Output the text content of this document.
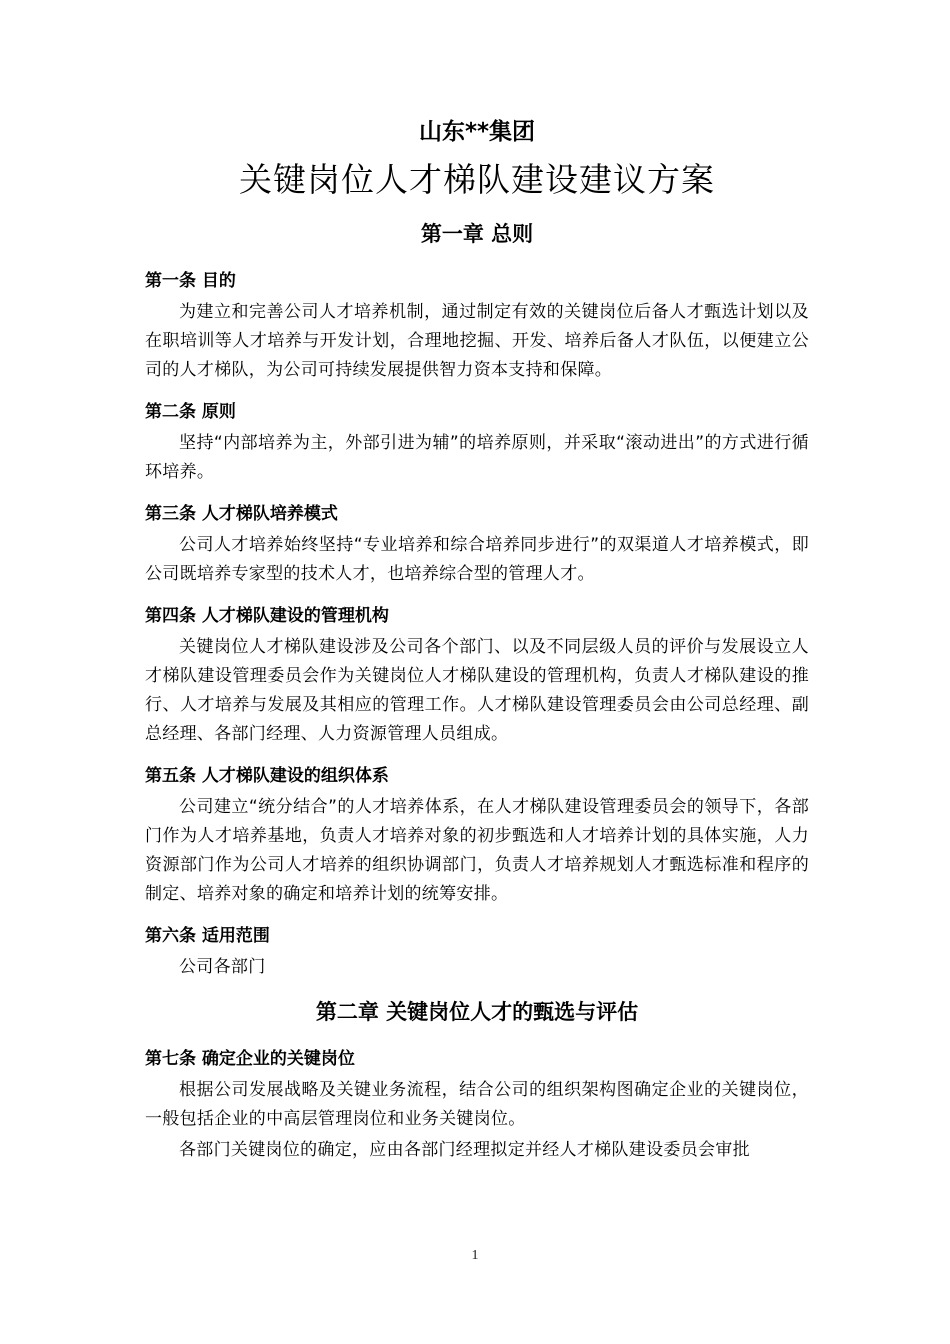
山东**集团
关键岗位人才梯队建设建议方案
第一章 总则
第一条 目的
为建立和完善公司人才培养机制，通过制定有效的关键岗位后备人才甄选计划以及在职培训等人才培养与开发计划，合理地挖掘、开发、培养后备人才队伍，以便建立公司的人才梯队，为公司可持续发展提供智力资本支持和保障。
第二条 原则
坚持“内部培养为主，外部引进为辅”的培养原则，并采取“滚动进出”的方式进行循环培养。
第三条 人才梯队培养模式
公司人才培养始终坚持“专业培养和综合培养同步进行”的双渠道人才培养模式，即公司既培养专家型的技术人才，也培养综合型的管理人才。
第四条 人才梯队建设的管理机构
关键岗位人才梯队建设涉及公司各个部门、以及不同层级人员的评价与发展设立人才梯队建设管理委员会作为关键岗位人才梯队建设的管理机构，负责人才梯队建设的推行、人才培养与发展及其相应的管理工作。人才梯队建设管理委员会由公司总经理、副总经理、各部门经理、人力资源管理人员组成。
第五条 人才梯队建设的组织体系
公司建立“统分结合”的人才培养体系，在人才梯队建设管理委员会的领导下，各部门作为人才培养基地，负责人才培养对象的初步甄选和人才培养计划的具体实施，人力资源部门作为公司人才培养的组织协调部门，负责人才培养规划人才甄选标准和程序的制定、培养对象的确定和培养计划的统筹安排。
第六条 适用范围
公司各部门
第二章 关键岗位人才的甄选与评估
第七条 确定企业的关键岗位
根据公司发展战略及关键业务流程，结合公司的组织架构图确定企业的关键岗位，一般包括企业的中高层管理岗位和业务关键岗位。
各部门关键岗位的确定，应由各部门经理拟定并经人才梯队建设委员会审批
1
